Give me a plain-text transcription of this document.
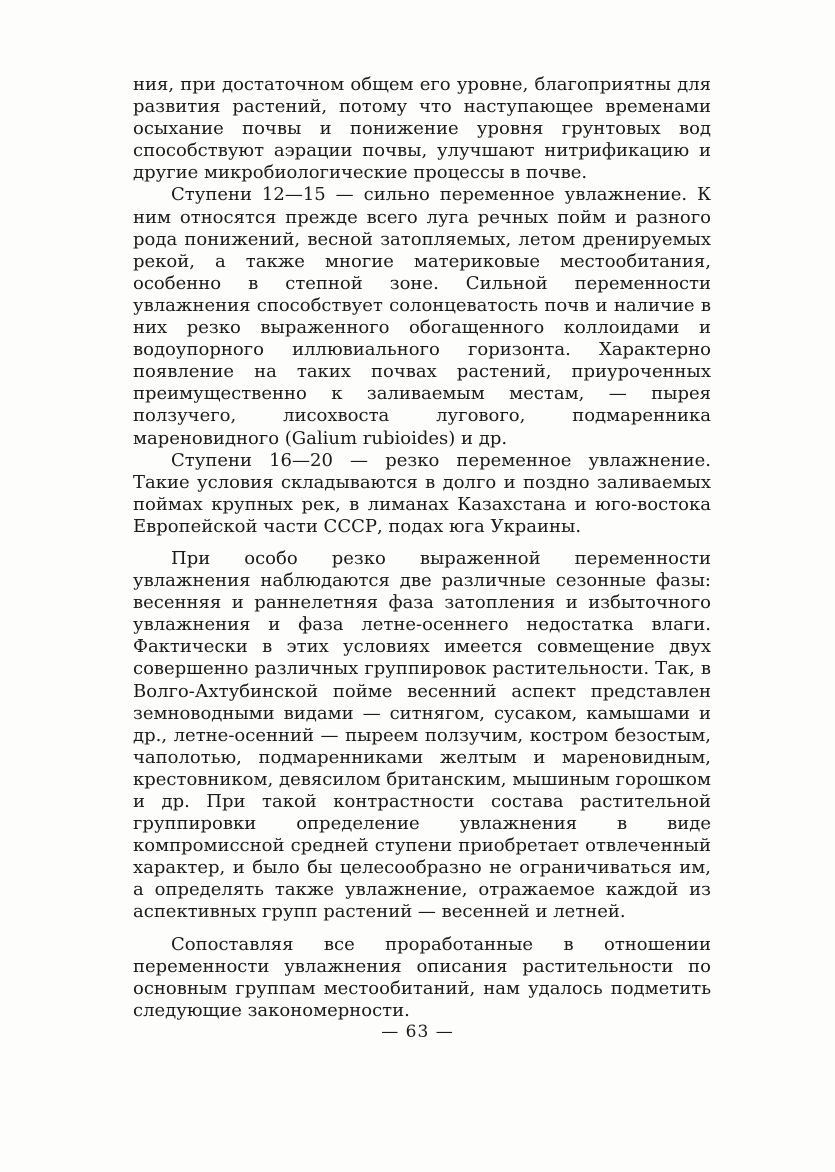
ния, при достаточном общем его уровне, благоприятны для развития растений, потому что наступающее временами осыхание почвы и понижение уровня грунтовых вод способствуют аэрации почвы, улучшают нитрификацию и другие микробиологические процессы в почве.

Ступени 12—15 — сильно переменное увлажнение. К ним относятся прежде всего луга речных пойм и разного рода понижений, весной затопляемых, летом дренируемых рекой, а также многие материковые местообитания, особенно в степной зоне. Сильной переменности увлажнения способствует солонцеватость почв и наличие в них резко выраженного обогащенного коллоидами и водоупорного иллювиального горизонта. Характерно появление на таких почвах растений, приуроченных преимущественно к заливаемым местам, — пырея ползучего, лисохвоста лугового, подмаренника мареновидного (Galium rubioides) и др.

Ступени 16—20 — резко переменное увлажнение. Такие условия складываются в долго и поздно заливаемых поймах крупных рек, в лиманах Казахстана и юго-востока Европейской части СССР, подах юга Украины.

При особо резко выраженной переменности увлажнения наблюдаются две различные сезонные фазы: весенняя и раннелетняя фаза затопления и избыточного увлажнения и фаза летне-осеннего недостатка влаги. Фактически в этих условиях имеется совмещение двух совершенно различных группировок растительности. Так, в Волго-Ахтубинской пойме весенний аспект представлен земноводными видами — ситнягом, сусаком, камышами и др., летне-осенний — пыреем ползучим, костром безостым, чаполотью, подмаренниками желтым и мареновидным, крестовником, девясилом британским, мышиным горошком и др. При такой контрастности состава растительной группировки определение увлажнения в виде компромиссной средней ступени приобретает отвлеченный характер, и было бы целесообразно не ограничиваться им, а определять также увлажнение, отражаемое каждой из аспективных групп растений — весенней и летней.

Сопоставляя все проработанные в отношении переменности увлажнения описания растительности по основным группам местообитаний, нам удалось подметить следующие закономерности.

— 63 —
